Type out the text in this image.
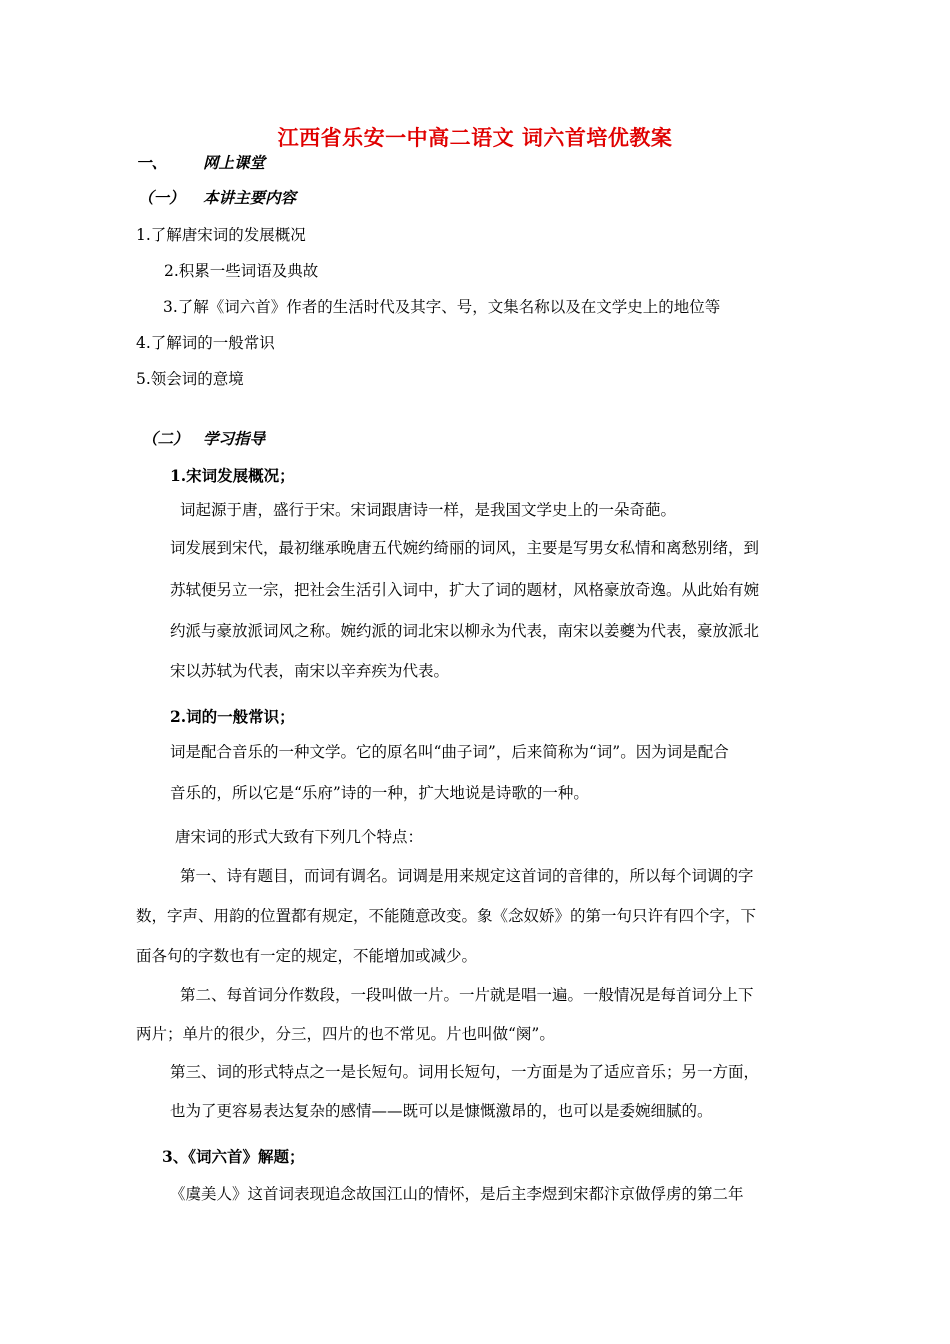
江西省乐安一中高二语文 词六首培优教案
一、 网上课堂
（一） 本讲主要内容
1.了解唐宋词的发展概况
2.积累一些词语及典故
3.了解《词六首》作者的生活时代及其字、号，文集名称以及在文学史上的地位等
4.了解词的一般常识
5.领会词的意境
（二） 学习指导
1.宋词发展概况；
词起源于唐，盛行于宋。宋词跟唐诗一样，是我国文学史上的一朵奇葩。
词发展到宋代，最初继承晚唐五代婉约绮丽的词风，主要是写男女私情和离愁别绪，到
苏轼便另立一宗，把社会生活引入词中，扩大了词的题材，风格豪放奇逸。从此始有婉
约派与豪放派词风之称。婉约派的词北宋以柳永为代表，南宋以姜夔为代表，豪放派北
宋以苏轼为代表，南宋以辛弃疾为代表。
2.词的一般常识；
词是配合音乐的一种文学。它的原名叫“曲子词”，后来简称为“词”。因为词是配合
音乐的，所以它是“乐府”诗的一种，扩大地说是诗歌的一种。
唐宋词的形式大致有下列几个特点：
第一、诗有题目，而词有调名。词调是用来规定这首词的音律的，所以每个词调的字
数，字声、用韵的位置都有规定，不能随意改变。象《念奴娇》的第一句只许有四个字，下
面各句的字数也有一定的规定，不能增加或减少。
第二、每首词分作数段，一段叫做一片。一片就是唱一遍。一般情况是每首词分上下
两片；单片的很少，分三，四片的也不常见。片也叫做“阕”。
第三、词的形式特点之一是长短句。词用长短句，一方面是为了适应音乐；另一方面，
也为了更容易表达复杂的感情——既可以是慷慨激昂的，也可以是委婉细腻的。
3、《词六首》解题；
《虞美人》这首词表现追念故国江山的情怀，是后主李煜到宋都汴京做俘虏的第二年
